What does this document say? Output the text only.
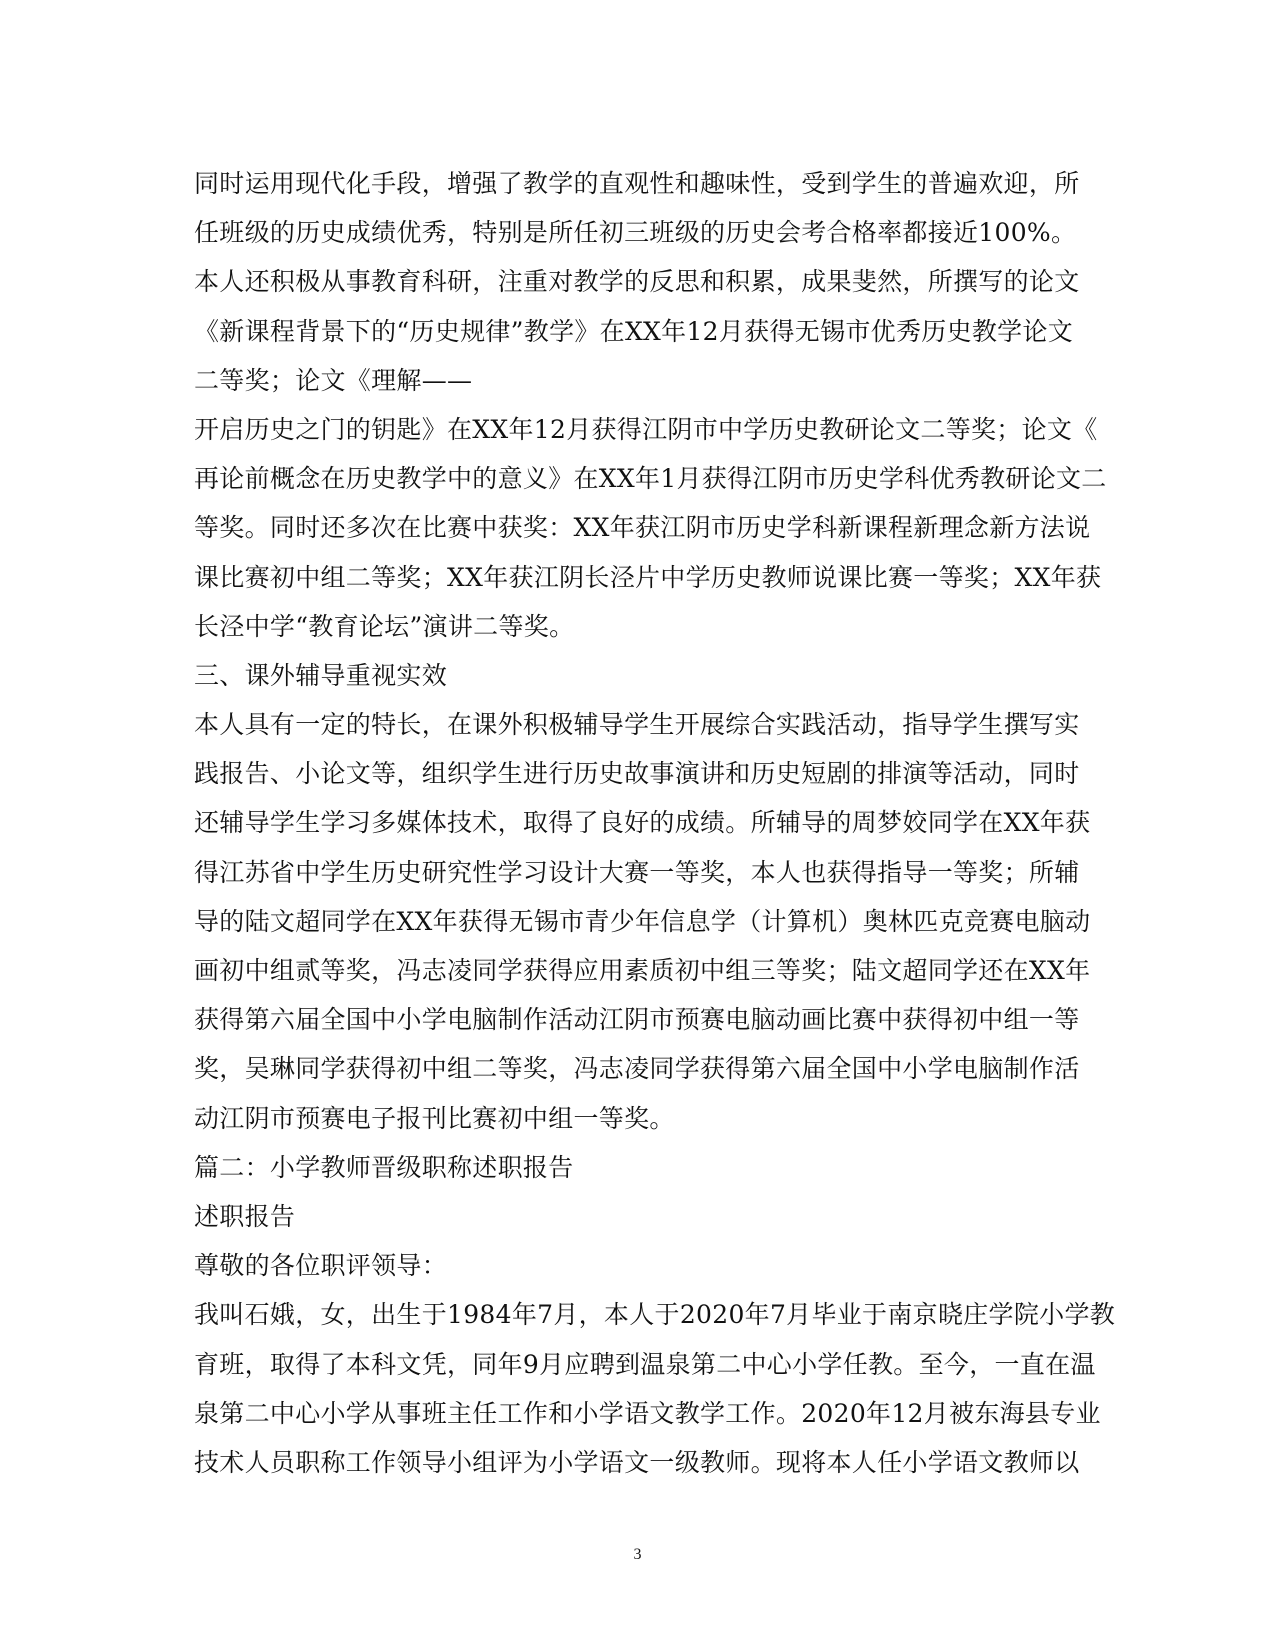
同时运用现代化手段，增强了教学的直观性和趣味性，受到学生的普遍欢迎，所
任班级的历史成绩优秀，特别是所任初三班级的历史会考合格率都接近100%。
本人还积极从事教育科研，注重对教学的反思和积累，成果斐然，所撰写的论文
《新课程背景下的“历史规律”教学》在XX年12月获得无锡市优秀历史教学论文
二等奖；论文《理解——
开启历史之门的钥匙》在XX年12月获得江阴市中学历史教研论文二等奖；论文《
再论前概念在历史教学中的意义》在XX年1月获得江阴市历史学科优秀教研论文二
等奖。同时还多次在比赛中获奖：XX年获江阴市历史学科新课程新理念新方法说
课比赛初中组二等奖；XX年获江阴长泾片中学历史教师说课比赛一等奖；XX年获
长泾中学“教育论坛”演讲二等奖。
三、课外辅导重视实效
本人具有一定的特长，在课外积极辅导学生开展综合实践活动，指导学生撰写实
践报告、小论文等，组织学生进行历史故事演讲和历史短剧的排演等活动，同时
还辅导学生学习多媒体技术，取得了良好的成绩。所辅导的周梦姣同学在XX年获
得江苏省中学生历史研究性学习设计大赛一等奖，本人也获得指导一等奖；所辅
导的陆文超同学在XX年获得无锡市青少年信息学（计算机）奥林匹克竞赛电脑动
画初中组贰等奖，冯志凌同学获得应用素质初中组三等奖；陆文超同学还在XX年
获得第六届全国中小学电脑制作活动江阴市预赛电脑动画比赛中获得初中组一等
奖，吴琳同学获得初中组二等奖，冯志凌同学获得第六届全国中小学电脑制作活
动江阴市预赛电子报刊比赛初中组一等奖。
篇二：小学教师晋级职称述职报告
述职报告
尊敬的各位职评领导：
我叫石娥，女，出生于1984年7月，本人于2020年7月毕业于南京晓庄学院小学教
育班，取得了本科文凭，同年9月应聘到温泉第二中心小学任教。至今，一直在温
泉第二中心小学从事班主任工作和小学语文教学工作。2020年12月被东海县专业
技术人员职称工作领导小组评为小学语文一级教师。现将本人任小学语文教师以
3
